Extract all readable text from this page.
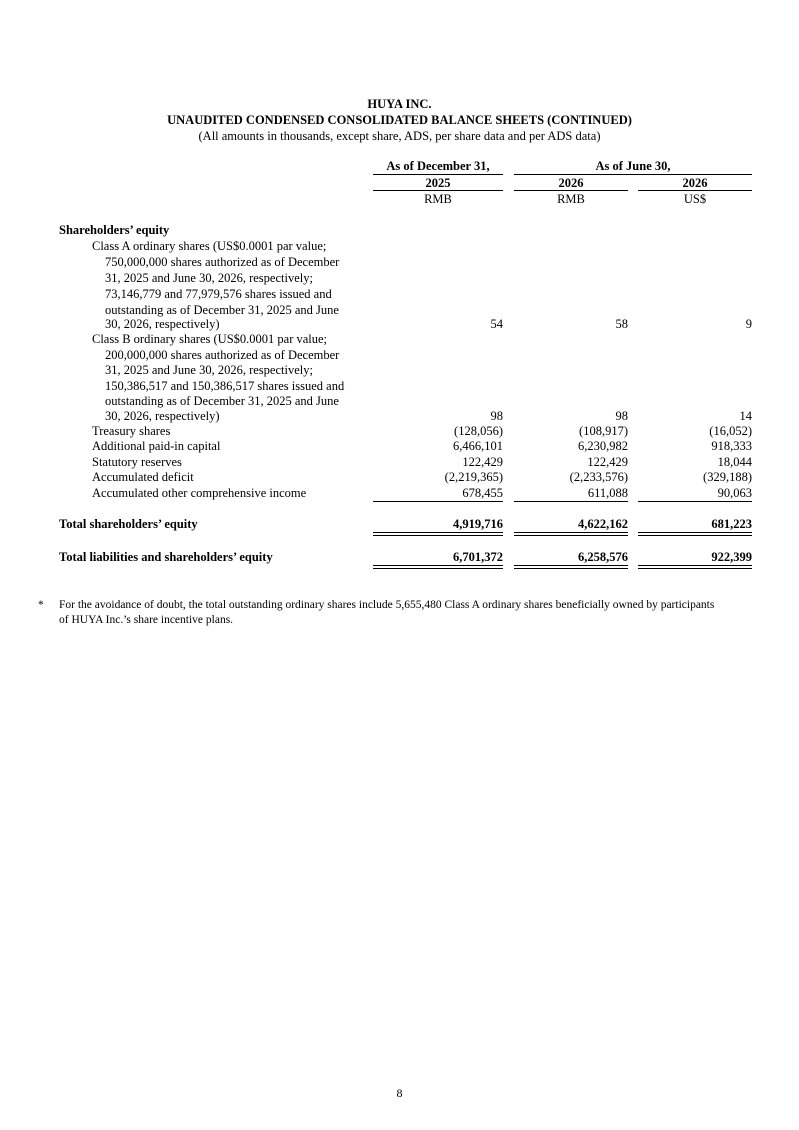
HUYA INC.
UNAUDITED CONDENSED CONSOLIDATED BALANCE SHEETS (CONTINUED)
(All amounts in thousands, except share, ADS, per share data and per ADS data)
As of December 31,	As of June 30,
2025	2026	2026
RMB	RMB	US$
Shareholders’ equity
Class A ordinary shares (US$0.0001 par value;
750,000,000 shares authorized as of December
31, 2025 and June 30, 2026, respectively;
73,146,779 and 77,979,576 shares issued and
outstanding as of December 31, 2025 and June
30, 2026, respectively)	54	58	9
Class B ordinary shares (US$0.0001 par value;
200,000,000 shares authorized as of December
31, 2025 and June 30, 2026, respectively;
150,386,517 and 150,386,517 shares issued and
outstanding as of December 31, 2025 and June
30, 2026, respectively)	98	98	14
Treasury shares	(128,056)	(108,917)	(16,052)
Additional paid-in capital	6,466,101	6,230,982	918,333
Statutory reserves	122,429	122,429	18,044
Accumulated deficit	(2,219,365)	(2,233,576)	(329,188)
Accumulated other comprehensive income	678,455	611,088	90,063
Total shareholders’ equity	4,919,716	4,622,162	681,223
Total liabilities and shareholders’ equity	6,701,372	6,258,576	922,399
* For the avoidance of doubt, the total outstanding ordinary shares include 5,655,480 Class A ordinary shares beneficially owned by participants
of HUYA Inc.’s share incentive plans.
8
